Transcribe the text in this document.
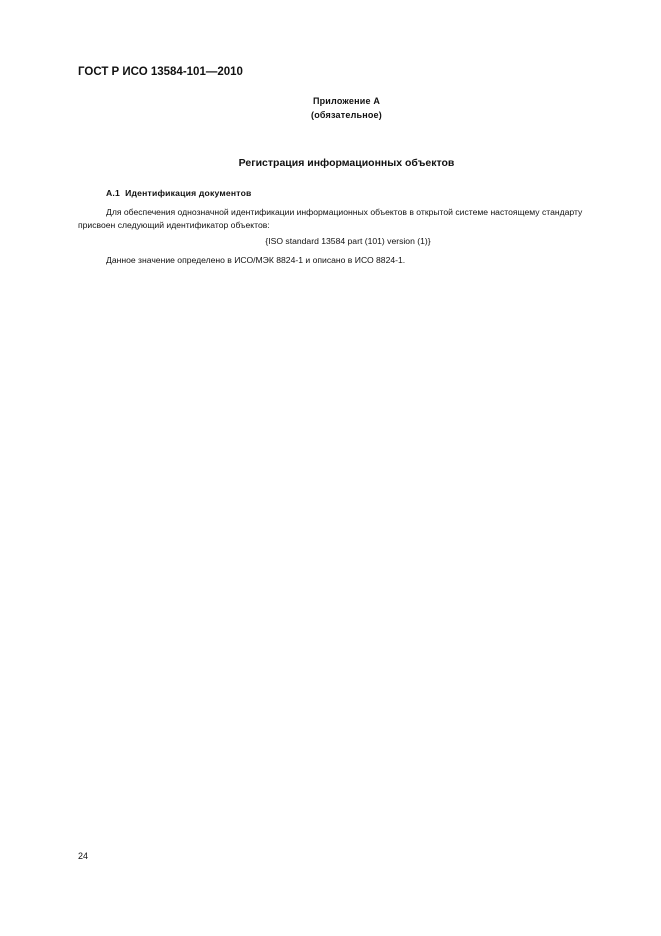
ГОСТ Р ИСО 13584-101—2010
Приложение А
(обязательное)
Регистрация информационных объектов
А.1  Идентификация документов

Для обеспечения однозначной идентификации информационных объектов в открытой системе настоящему стандарту присвоен следующий идентификатор объектов:

{ISO standard 13584 part (101) version (1)}
Данное значение определено в ИСО/МЭК 8824-1 и описано в ИСО 8824-1.
24
